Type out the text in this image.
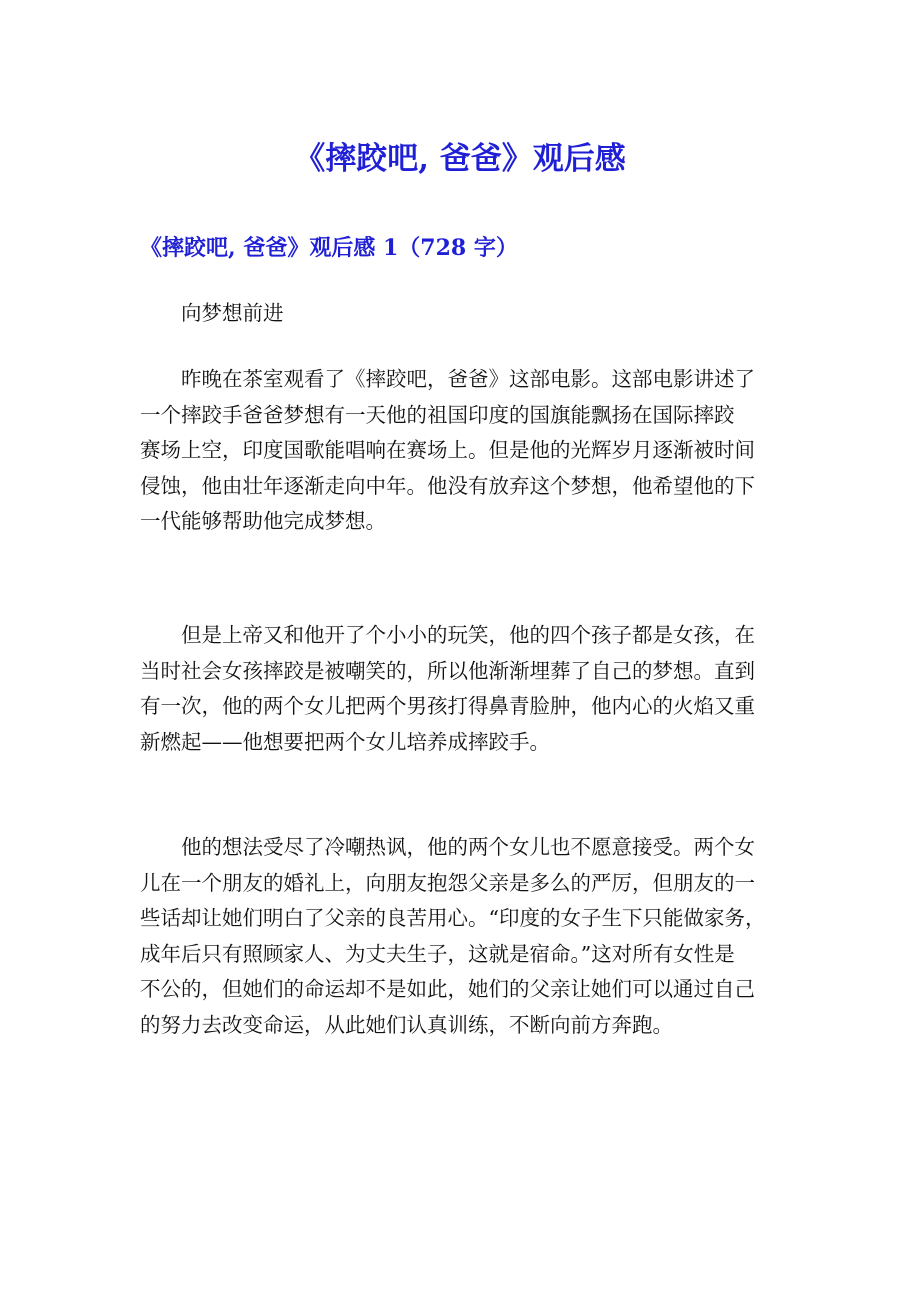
《摔跤吧, 爸爸》观后感
《摔跤吧, 爸爸》观后感 1（728 字）

向梦想前进

昨晚在茶室观看了《摔跤吧，爸爸》这部电影。这部电影讲述了
一个摔跤手爸爸梦想有一天他的祖国印度的国旗能飘扬在国际摔跤
赛场上空，印度国歌能唱响在赛场上。但是他的光辉岁月逐渐被时间
侵蚀，他由壮年逐渐走向中年。他没有放弃这个梦想，他希望他的下
一代能够帮助他完成梦想。

但是上帝又和他开了个小小的玩笑，他的四个孩子都是女孩，在
当时社会女孩摔跤是被嘲笑的，所以他渐渐埋葬了自己的梦想。直到
有一次，他的两个女儿把两个男孩打得鼻青脸肿，他内心的火焰又重
新燃起——他想要把两个女儿培养成摔跤手。

他的想法受尽了冷嘲热讽，他的两个女儿也不愿意接受。两个女
儿在一个朋友的婚礼上，向朋友抱怨父亲是多么的严厉，但朋友的一
些话却让她们明白了父亲的良苦用心。“印度的女子生下只能做家务，
成年后只有照顾家人、为丈夫生子，这就是宿命。”这对所有女性是
不公的，但她们的命运却不是如此，她们的父亲让她们可以通过自己
的努力去改变命运，从此她们认真训练，不断向前方奔跑。
